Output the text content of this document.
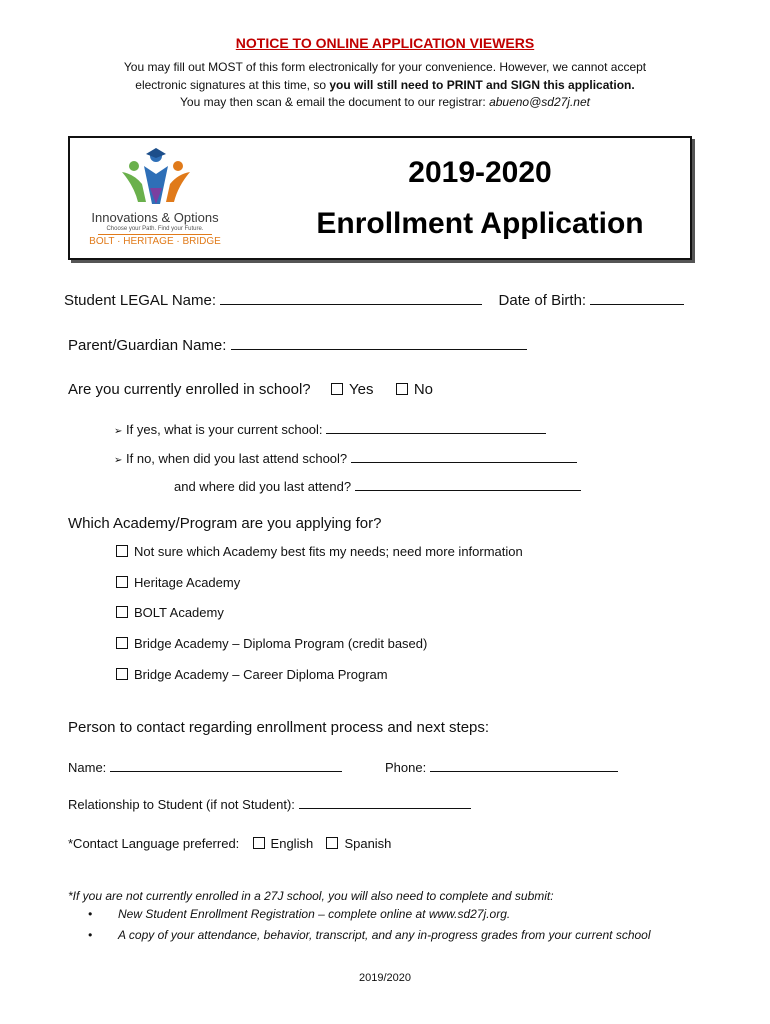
NOTICE TO ONLINE APPLICATION VIEWERS
You may fill out MOST of this form electronically for your convenience. However, we cannot accept
electronic signatures at this time, so you will still need to PRINT and SIGN this application.
You may then scan & email the document to our registrar: abueno@sd27j.net
Innovations & Options
Choose your Path. Find your Future.
BOLT · HERITAGE · BRIDGE
2019-2020
Enrollment Application
Student LEGAL Name:	Date of Birth:
Parent/Guardian Name:
Are you currently enrolled in school?	Yes	No
➢ If yes, what is your current school:
➢ If no, when did you last attend school?
and where did you last attend?
Which Academy/Program are you applying for?
Not sure which Academy best fits my needs; need more information
Heritage Academy
BOLT Academy
Bridge Academy – Diploma Program (credit based)
Bridge Academy – Career Diploma Program
Person to contact regarding enrollment process and next steps:
Name:	Phone:
Relationship to Student (if not Student):
*Contact Language preferred: English Spanish
*If you are not currently enrolled in a 27J school, you will also need to complete and submit:
• New Student Enrollment Registration – complete online at www.sd27j.org.
• A copy of your attendance, behavior, transcript, and any in-progress grades from your current school
2019/2020
